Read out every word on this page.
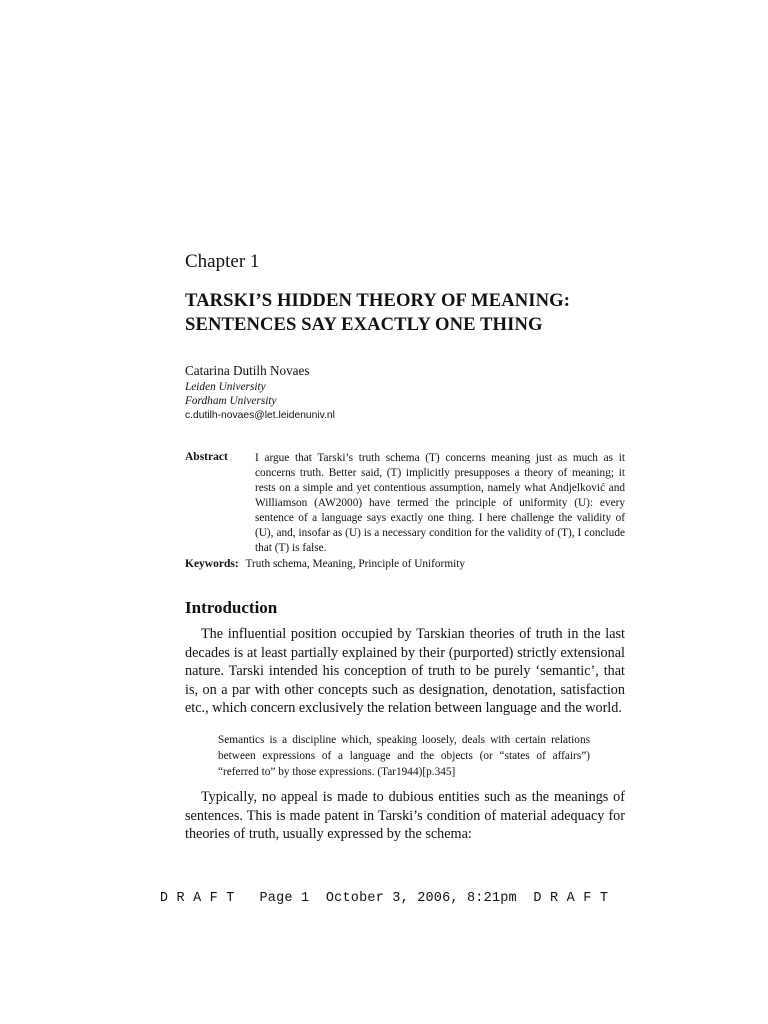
Chapter 1
TARSKI’S HIDDEN THEORY OF MEANING:
SENTENCES SAY EXACTLY ONE THING
Catarina Dutilh Novaes
Leiden University
Fordham University
c.dutilh-novaes@let.leidenuniv.nl
Abstract I argue that Tarski’s truth schema (T) concerns meaning just as much as it concerns truth. Better said, (T) implicitly presupposes a theory of meaning; it rests on a simple and yet contentious assumption, namely what Andjelković and Williamson (AW2000) have termed the principle of uniformity (U): every sentence of a language says exactly one thing. I here challenge the validity of (U), and, insofar as (U) is a necessary condition for the validity of (T), I conclude that (T) is false.
Keywords: Truth schema, Meaning, Principle of Uniformity
Introduction
The influential position occupied by Tarskian theories of truth in the last decades is at least partially explained by their (purported) strictly extensional nature. Tarski intended his conception of truth to be purely ‘semantic’, that is, on a par with other concepts such as designation, denotation, satisfaction etc., which concern exclusively the relation between language and the world.
Semantics is a discipline which, speaking loosely, deals with certain relations between expressions of a language and the objects (or “states of affairs”) “referred to” by those expressions. (Tar1944)[p.345]
Typically, no appeal is made to dubious entities such as the meanings of sentences. This is made patent in Tarski’s condition of material adequacy for theories of truth, usually expressed by the schema:
D R A F T   Page 1  October 3, 2006, 8:21pm  D R A F T
